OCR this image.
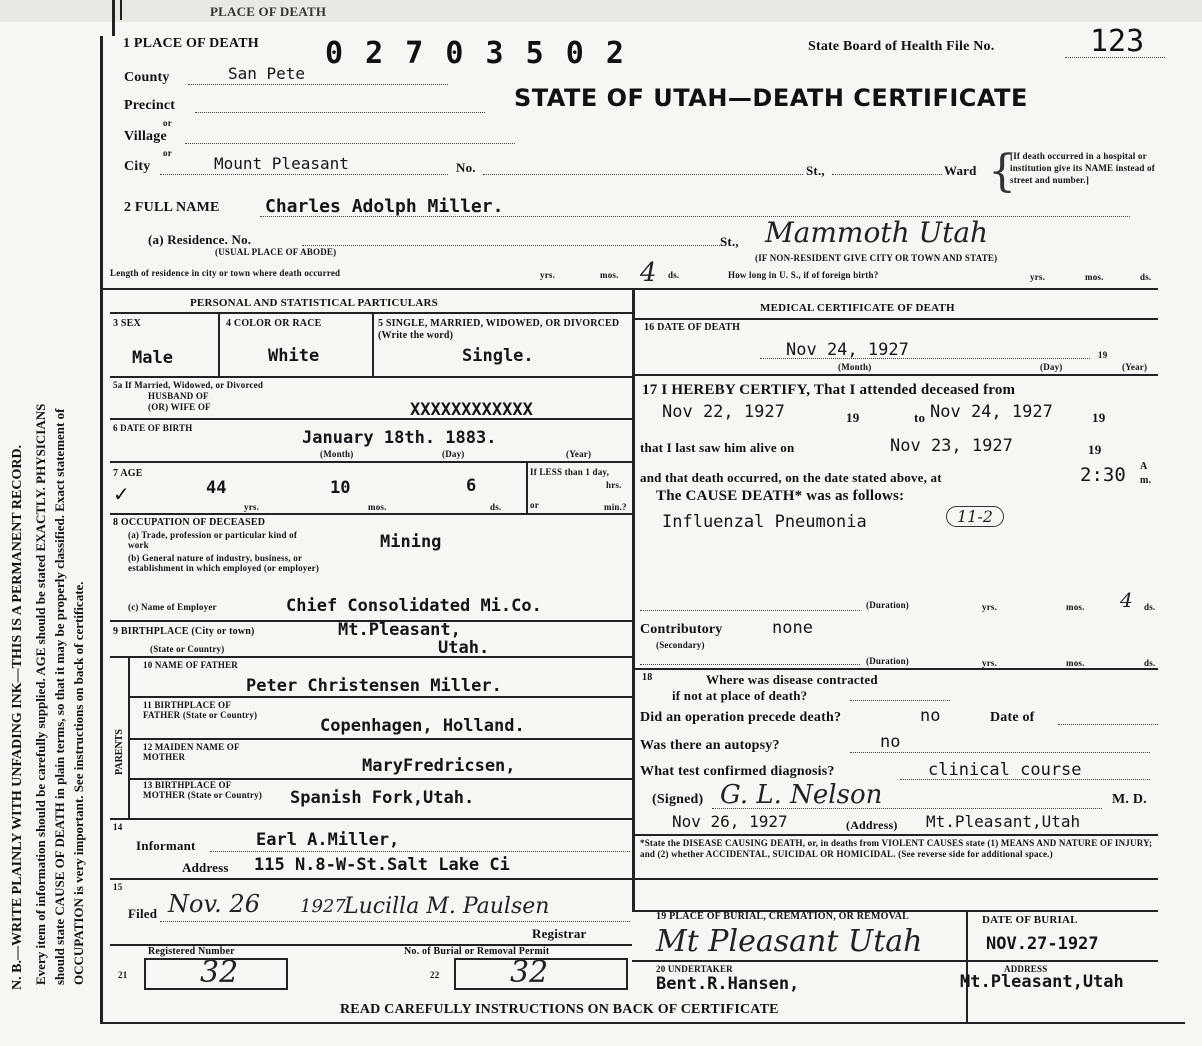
PLACE OF DEATH
N. B.—WRITE PLAINLY WITH UNFADING INK—THIS IS A PERMANENT RECORD. Every item of information should be carefully supplied. AGE should be stated EXACTLY. PHYSICIANS should state CAUSE OF DEATH in plain terms, so that it may be properly classified. Exact statement of OCCUPATION is very important. See instructions on back of certificate.
1 PLACE OF DEATH 0 2 7 0 3 5 0 2	State Board of Health File No.	123
STATE OF UTAH—DEATH CERTIFICATE
County	San Pete
Precinct
or
Village
or
City	Mount Pleasant	No.	St.,	Ward {
[If death occurred in a hospital or institution give its NAME instead of street and number.]
2 FULL NAME	Charles Adolph Miller.
(a) Residence. No.
(USUAL PLACE OF ABODE)
St., Mammoth Utah
(IF NON-RESIDENT GIVE CITY OR TOWN AND STATE)
Length of residence in city or town where death occurred	yrs.	mos. 4 ds.	How long in U. S., if of foreign birth?	yrs.	mos.	ds.
PERSONAL AND STATISTICAL PARTICULARS	MEDICAL CERTIFICATE OF DEATH
3 SEX
Male
4 COLOR OR RACE
White
5 SINGLE, MARRIED, WIDOWED, OR DIVORCED (Write the word)
Single.
5a If Married, Widowed, or Divorced
HUSBAND OF
(OR) WIFE OF	XXXXXXXXXXXX
6 DATE OF BIRTH	January 18th. 1883.
(Month)	(Day)	(Year)
7 AGE
✓	44	10	6
yrs.	mos.	ds.
If LESS than 1 day,
hrs.
or	min.?
8 OCCUPATION OF DECEASED
(a) Trade, profession or particular kind of work	Mining
(b) General nature of industry, business, or establishment in which employed (or employer)
(c) Name of Employer	Chief Consolidated Mi.Co.
9 BIRTHPLACE (City or town)
(State or Country)
Mt.Pleasant,
Utah.
PARENTS
10 NAME OF FATHER
Peter Christensen Miller.
11 BIRTHPLACE OF FATHER (State or Country)
Copenhagen, Holland.
12 MAIDEN NAME OF MOTHER	MaryFredricsen,
13 BIRTHPLACE OF MOTHER (State or Country)	Spanish Fork,Utah.
14
Informant	Earl A.Miller,
Address 115 N.8-W-St.Salt Lake Ci
15
Filed Nov. 26 1927
Lucilla M. Paulsen
Registrar
Registered Number	No. of Burial or Removal Permit
32	32
21	22
16 DATE OF DEATH
Nov 24, 1927
(Month)	(Day)
19
(Year)
17 I HEREBY CERTIFY, That I attended deceased from
Nov 22, 1927	19	to Nov 24, 1927	19
that I last saw him alive on	Nov 23, 1927	19
and that death occurred, on the date stated above, at	2:30 A m.
The CAUSE DEATH* was as follows:
Influenzal Pneumonia	11-2
(Duration)	yrs.	mos. 4 ds.
Contributory	none
(Secondary)
(Duration)	yrs.	mos.	ds.
18	Where was disease contracted
if not at place of death?
Did an operation precede death?	no	Date of
Was there an autopsy?	no
What test confirmed diagnosis?	clinical course
(Signed) G. L. Nelson	M. D.
Nov 26, 1927	(Address) Mt.Pleasant,Utah
*State the DISEASE CAUSING DEATH, or, in deaths from VIOLENT CAUSES state (1) MEANS AND NATURE OF INJURY; and (2) whether ACCIDENTAL, SUICIDAL OR HOMICIDAL. (See reverse side for additional space.)
19 PLACE OF BURIAL, CREMATION, OR REMOVAL
Mt Pleasant Utah
DATE OF BURIAL
NOV.27-1927
20 UNDERTAKER
Bent.R.Hansen,
ADDRESS
Mt.Pleasant,Utah
READ CAREFULLY INSTRUCTIONS ON BACK OF CERTIFICATE
